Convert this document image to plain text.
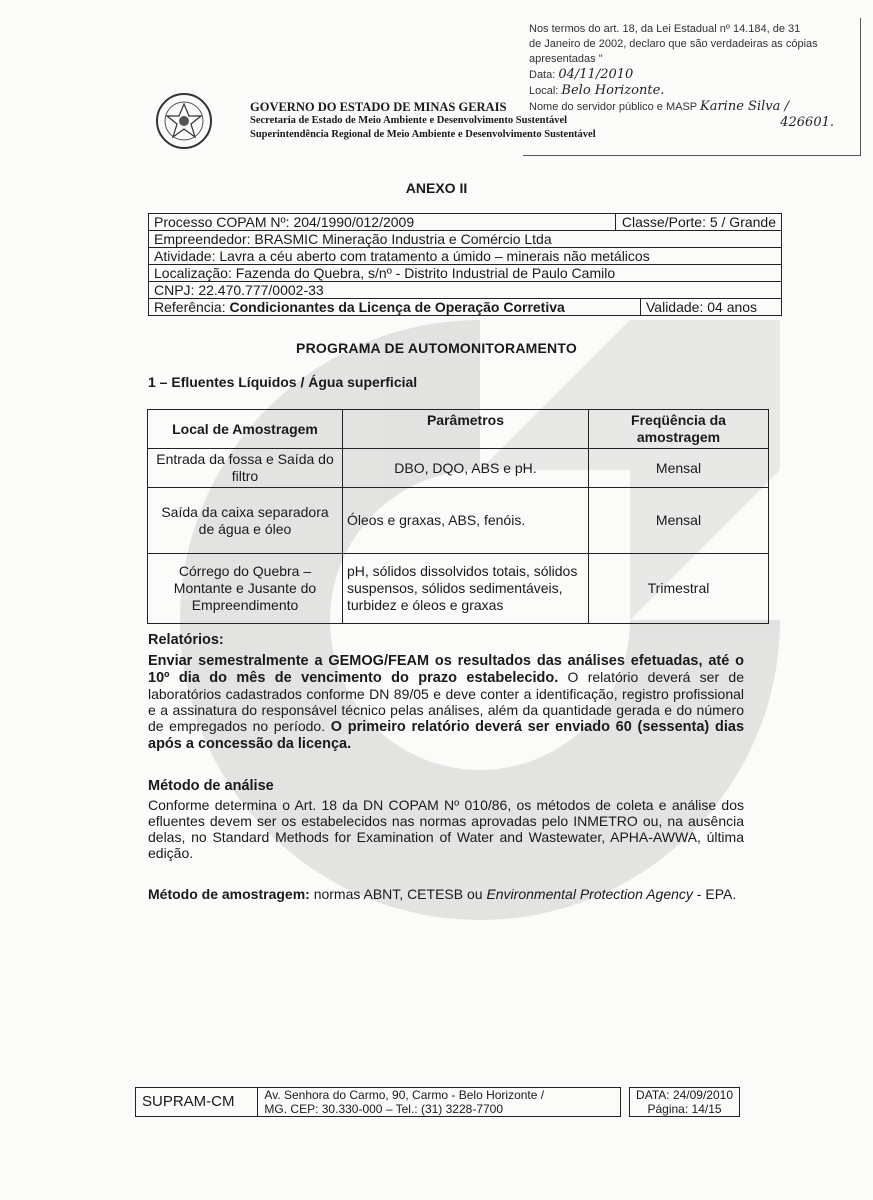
GOVERNO DO ESTADO DE MINAS GERAIS
Secretaria de Estado de Meio Ambiente e Desenvolvimento Sustentável
Superintendência Regional de Meio Ambiente e Desenvolvimento Sustentável
Nos termos do art. 18, da Lei Estadual nº 14.184, de 31
de Janeiro de 2002, declaro que são verdadeiras as cópias
apresentadas "
Data: 04/11/2010
Local: Belo Horizonte.
Nome do servidor público e MASP Karine Silva /
426601.
ANEXO II
Processo COPAM Nº: 204/1990/012/2009	Classe/Porte: 5 / Grande

Empreendedor: BRASMIC Mineração Industria e Comércio Ltda
Atividade: Lavra a céu aberto com tratamento a úmido – minerais não metálicos
Localização: Fazenda do Quebra, s/nº - Distrito Industrial de Paulo Camilo
CNPJ: 22.470.777/0002-33
Referência: Condicionantes da Licença de Operação Corretiva	Validade: 04 anos
PROGRAMA DE AUTOMONITORAMENTO
1 – Efluentes Líquidos / Água superficial
Local de Amostragem	Parâmetros	Freqüência da amostragem
Entrada da fossa e Saída do filtro	DBO, DQO, ABS e pH.	Mensal
Saída da caixa separadora de água e óleo	Óleos e graxas, ABS, fenóis.	Mensal
Córrego do Quebra – Montante e Jusante do Empreendimento	pH, sólidos dissolvidos totais, sólidos suspensos, sólidos sedimentáveis, turbidez e óleos e graxas	Trimestral
Relatórios:
Enviar semestralmente a GEMOG/FEAM os resultados das análises efetuadas, até o 10º dia do mês de vencimento do prazo estabelecido. O relatório deverá ser de laboratórios cadastrados conforme DN 89/05 e deve conter a identificação, registro profissional e a assinatura do responsável técnico pelas análises, além da quantidade gerada e do número de empregados no período. O primeiro relatório deverá ser enviado 60 (sessenta) dias após a concessão da licença.
Método de análise
Conforme determina o Art. 18 da DN COPAM Nº 010/86, os métodos de coleta e análise dos efluentes devem ser os estabelecidos nas normas aprovadas pelo INMETRO ou, na ausência delas, no Standard Methods for Examination of Water and Wastewater, APHA-AWWA, última edição.
Método de amostragem: normas ABNT, CETESB ou Environmental Protection Agency - EPA.
SUPRAM-CM	Av. Senhora do Carmo, 90, Carmo - Belo Horizonte /
MG. CEP: 30.330-000 – Tel.: (31) 3228-7700

DATA: 24/09/2010
Página: 14/15
